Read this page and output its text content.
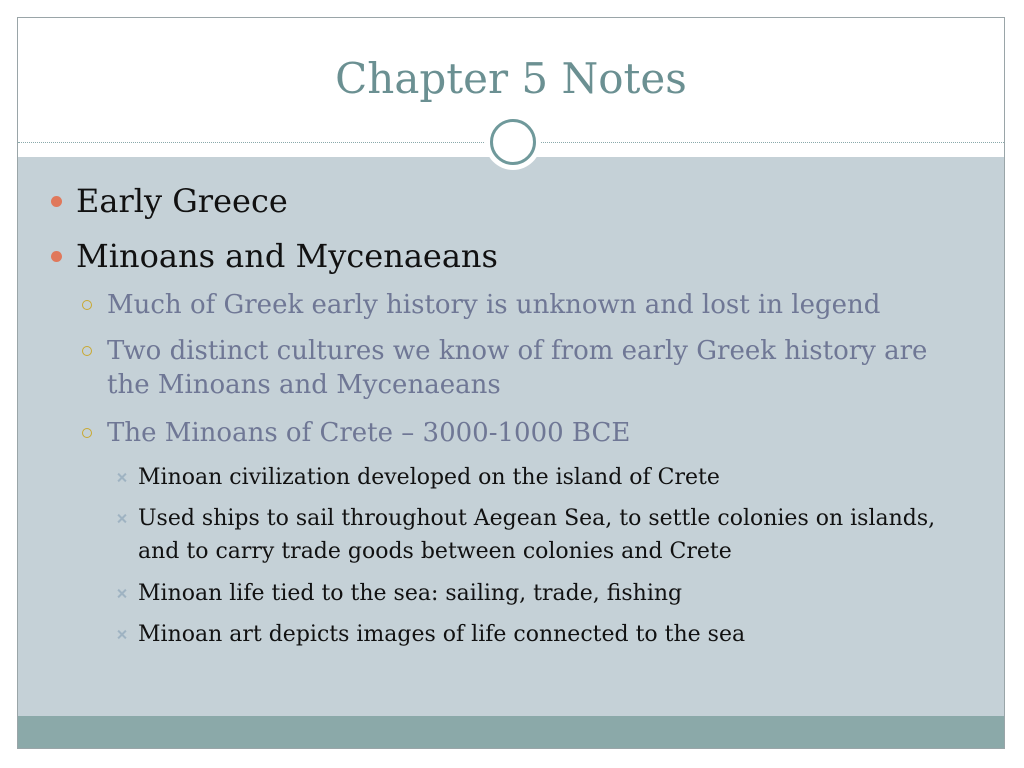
Chapter 5 Notes
Early Greece
Minoans and Mycenaeans
Much of Greek early history is unknown and lost in legend
Two distinct cultures we know of from early Greek history are the Minoans and Mycenaeans
The Minoans of Crete – 3000-1000 BCE
Minoan civilization developed on the island of Crete
Used ships to sail throughout Aegean Sea, to settle colonies on islands, and to carry trade goods between colonies and Crete
Minoan life tied to the sea: sailing, trade, fishing
Minoan art depicts images of life connected to the sea
